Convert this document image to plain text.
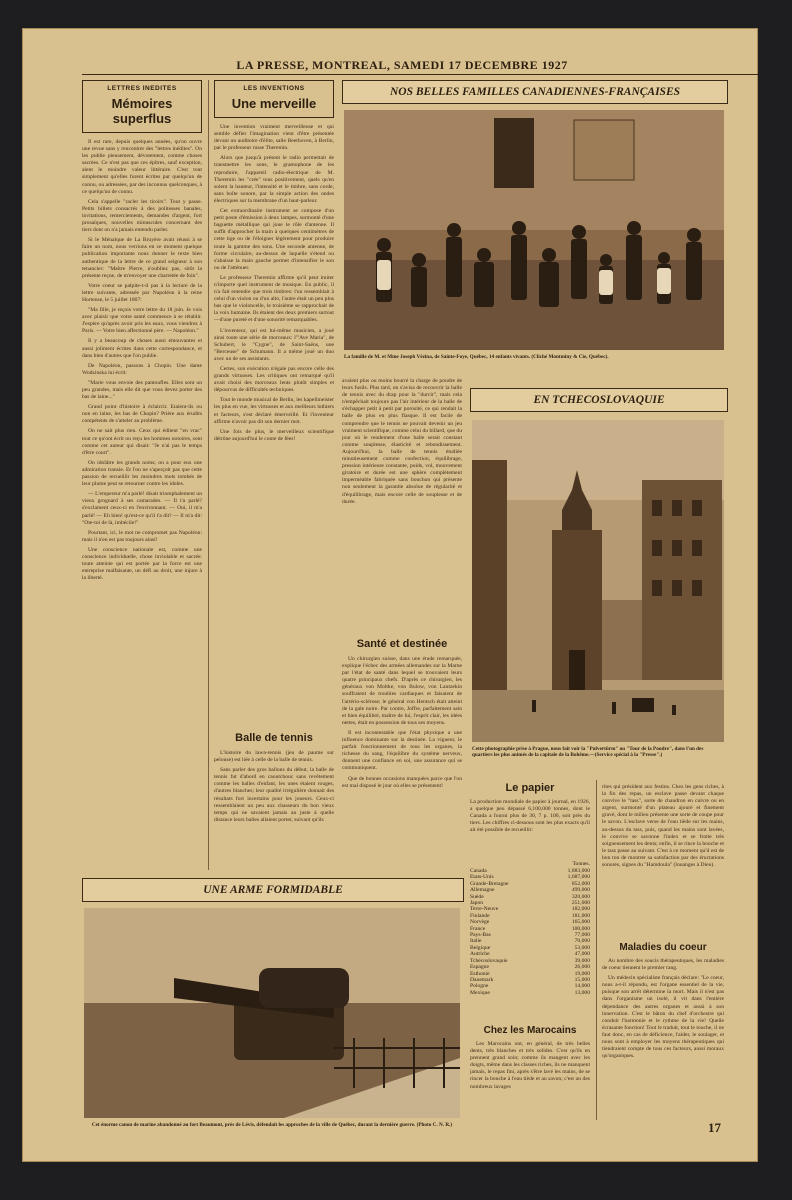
LA PRESSE, MONTREAL, SAMEDI 17 DECEMBRE 1927
LETTRES INEDITES
Mémoires superflus

Il est rare, depuis quelques années, qu'on ouvre une revue sans y rencontrer des "lettres inédites". On les publie pieusement, dévotement, comme choses sacrées. Ce n'est pas que ces épîtres, sauf exception, aient le moindre valeur littéraire. C'est tout simplement qu'elles furent écrites par quelqu'un de connu, ou adressées, par des inconnus quelconques, à ce quelqu'un de connu.

Cela s'appelle "racler les tiroirs". Tout y passe. Petits billets consacrés à des politesses banales, invitations, remerciements, demandes d'argent, fort prosaïques, nouvelles minuscules concernant des tiers dont on n'a jamais entendu parler.

Si le Ménalque de La Bruyère avait réussi à se faire un nom, nous verrions en ce moment quelque publication importante nous donner le texte bien authentique de la lettre de ce grand seigneur à son tenancier: "Maître Pierre, n'oubliez pas, sitôt la présente reçue, de m'envoyer une charretée de foin".

Votre coeur se palpite-t-il pas à la lecture de la lettre suivante, adressée par Napoléon à la reine Hortense, le 5 juillet 1807:

"Ma fille, je reçois votre lettre du 18 juin. Je vois avec plaisir que votre santé commence à se rétablir. J'espère qu'après avoir pris les eaux, vous viendrez à Paris. — Votre bien affectionné père. — Napoléon."

Il y a beaucoup de choses aussi émouvantes et aussi joliment écrites dans cette correspondance, et dans bien d'autres que l'on publie.

De Napoléon, passons à Chopin. Une dame Wodzinska lui écrit:

"Marie vous envoie des pantoufles. Elles sont un peu grandes, mais elle dit que vous devez porter des bas de laine..."

Grand point d'histoire à éclaircir. Etaient-ils ou non en laine, les bas de Chopin? Prière aux érudits compétents de s'atteler au problème.

On ne sait plus rien. Ceux qui éditent "en vrac" tout ce qu'ont écrit ou reçu les hommes notoires, sont comme cet auteur qui disait: "Je n'ai pas le temps d'être court".

On idolâtre les grands noms; on a pour eux une admiration transie. Et l'on ne s'aperçoit pas que cette passion de recueillir les moindres mots tombés de leur plume peut se retourner contre les idoles.

— L'empereur m'a parlé! disait triomphalement un vieux grognard à ses camarades. — Il t'a parlé? s'exclament ceux-ci en l'environnant. — Oui, il m'a parlé! — Eh bien! qu'est-ce qu'il t'a dit? — Il m'a dit: "Ote-toi de là, imbécile!"

Pourtant, ici, le mot ne compromet pas Napoléon: mais il n'en est pas toujours ainsi!

Une conscience nationale est, comme une conscience individuelle, chose inviolable et sacrée: toute atteinte qui est portée par la force est une entreprise malfaisante, un défi au droit, une injure à la liberté.

LES INVENTIONS
Une merveille

Une invention vraiment merveilleuse et qui semble défier l'imagination vient d'être présentée devant un auditoire d'élite, salle Beethoven, à Berlin, par le professeur russe Theremin.

Alors que jusqu'à présent le radio permettait de transmettre les sons, le gramophone de les reproduire, l'appareil radio-électrique de M. Theremin les "crée" tous positivement, quels qu'en soient la hauteur, l'intensité et le timbre, sans corde, sans boîte sonore, par la simple action des ondes électriques sur la membrane d'un haut-parleur.

Cet extraordinaire instrument se compose d'un petit poste d'émission à deux lampes, surmonté d'une baguette métallique qui joue le rôle d'antenne. Il suffit d'approcher la main à quelques centimètres de cette tige ou de l'éloigner légèrement pour produire toute la gamme des sons. Une seconde antenne, de forme circulaire, au-dessus de laquelle s'étend ou s'abaisse la main gauche permet d'intensifier le son ou de l'atténuer.

Le professeur Theremin affirme qu'il peut imiter n'importe quel instrument de musique. En public, il n'a fait entendre que trois timbres: l'un ressemblait à celui d'un violon ou d'un alto, l'autre était un peu plus bas que le violoncelle, le troisième se rapprochait de la voix humaine. Ils étaient des deux premiers surtout—d'une pureté et d'une sonorité remarquables.

L'inventeur, qui est lui-même musicien, a joué ainsi toute une série de morceaux: l'"Ave Maria", de Schubert, le "Cygne", de Saint-Saëns, une "Berceuse" de Schumann. Il a même joué un duo avec un de ses assistants.

Certes, son exécution n'égale pas encore celle des grands virtuoses. Les critiques ont remarqué qu'il avait choisi des morceaux lents plutôt simples et dépourvus de difficultés techniques.

Tout le monde musical de Berlin, les kapellmeister les plus en vue, les virtuoses et aux meilleurs luthiers et facteurs, s'est déclaré émerveillé. Et l'inventeur affirme n'avoir pas dit son dernier mot.

Une fois de plus, le merveilleux scientifique détrône aujourd'hui le conte de fées!

Balle de tennis

L'histoire du lawn-tennis (jeu de paume sur pelouse) est liée à celle de la balle de tennis.

Sans parler des gros ballons du début, la balle de tennis fut d'abord en caoutchouc sans revêtement comme les balles d'enfant, les unes étaient rouges, d'autres blanches; leur qualité irrégulière donnait des résultats fort incertains pour les joueurs. Ceux-ci ressemblaient un peu aux chasseurs du bon vieux temps qui ne savaient jamais au juste à quelle distance leurs balles allaient porter, suivant qu'ils

NOS BELLES FAMILLES CANADIENNES-FRANÇAISES
La famille de M. et Mme Joseph Vézina, de Sainte-Foye, Québec, 14 enfants vivants. (Cliché Montminy & Cie, Québec).
avaient plus ou moins bourré la charge de poudre de leurs fusils. Plus tard, on s'avisa de recouvrir la balle de tennis avec du drap pour la "durcir", mais cela n'empêchait toujours pas l'air intérieur de la balle de s'échapper petit à petit par porosité, ce qui rendait la balle de plus en plus flasque. Il est facile de comprendre que le tennis ne pouvait devenir un jeu vraiment scientifique, comme celui du billard, que du jour où le rendement d'une balle serait constant comme souplesse, élasticité et rebondissement. Aujourd'hui, la balle de tennis étudiée minutieusement comme confection, équilibrage, pression intérieure constante, poids, vol, mouvement giratoire et durée est une sphère complètement imperméable fabriquée sans bouchon qui présente non seulement la garantie absolue de régularité et d'équilibrage, mais encore celle de souplesse et de durée.
Santé et destinée

Un chirurgien suisse, dans une étude remarquée, explique l'échec des armées allemandes sur la Marne par l'état de santé dans lequel se trouvaient leurs quatre principaux chefs. D'après ce chirurgien, les généraux von Moltke, von Bulow, von Lantzekin souffraient de troubles cardiaques et faisaient de l'artério-sclérose; le général von Hentsch était atteint de la gale noire. Par contre, Joffre, parfaitement sain et bien équilibré, maître de lui, l'esprit clair, les idées nettes, était en possession de tous ses moyens.

Il est incontestable que l'état physique a une influence dominante sur la destinée. La vigueur, le parfait fonctionnement de tous les organes, la richesse du sang, l'équilibre du système nerveux, donnent une confiance en soi, une assurance qui se communiquent.

Que de bonnes occasions manquées parce que l'on est mal disposé le jour où elles se présentent!

EN TCHECOSLOVAQUIE
Cette photographie prise à Prague, nous fait voir la "Pulvertürm" ou "Tour de la Poudre", dans l'un des quartiers les plus animés de la capitale de la Bohême.—(Service spécial à la "Presse".)
UNE ARME FORMIDABLE
Cet énorme canon de marine abandonné au fort Beaumont, près de Lévis, défendait les approches de la ville de Québec, durant la dernière guerre. (Photo C. N. R.)
Le papier
La production mondiale de papier à journal, en 1926, a quelque peu dépassé 6,100,000 tonnes, dont le Canada a fourni plus de 30, 7 p. 100, soit près du tiers. Les chiffres ci-dessous sont les plus exacts qu'il ait été possible de recueillir:
Tonnes.
Canada	1,883,000
Etats-Unis	1,687,000
Grande-Bretagne	852,000
Allemagne	499,000
Suède	320,000
Japon	251,000
Terre-Neuve	182,000
Finlande	181,000
Norvège	165,000
France	100,000
Pays-Bas	77,000
Italie	70,000
Belgique	53,000
Autriche	47,000
Tchécoslovaquie	39,000
Espagne	26,000
Esthonie	19,000
Danemark	15,000
Pologne	14,000
Mexique	13,000
Chez les Marocains

Les Marocains ont, en général, de très belles dents, très blanches et très solides. C'est qu'ils en prennent grand soin; comme ils mangent avec les doigts, même dans les classes riches, ils ne manquent jamais, le repas fini, après s'être lavé les mains, de se rincer la bouche à l'eau tiède et au savon; c'est un des nombreux lavages

rites qui président aux festins. Chez les gens riches, à la fin des repas, un esclave passe devant chaque convive le "tass", sorte de chaudron en cuivre ou en argent, surmonté d'un plateau ajouré et finement gravé, dont le milieu présente une sorte de coupe pour le savon. L'esclave verse de l'eau tiède sur les mains, au-dessus du tass, puis, quand les mains sont lavées, le convive se savonne l'index et se frotte très soigneusement les dents; enfin, il se rince la bouche et le tass passe au suivant. C'est à ce moment qu'il est de bon ton de montrer sa satisfaction par des éructations sonores, signes du "Hamdoula" (louanges à Dieu).
Maladies du coeur

Au nombre des soucis thérapeutiques, les maladies de coeur tiennent le premier rang.

Un médecin spécialiste français déclare: "Le coeur, nous a-t-il répondu, est l'organe essentiel de la vie, puisque son arrêt détermine la mort. Mais il n'est pas dans l'organisme un isolé, il vit dans l'entière dépendance des autres organes et aussi à son innervation. C'est le bâton du chef d'orchestre qui conduit l'harmonie et le rythme de la vie! Quelle écrasante fonction! Tout le traduit, tout le touche, il ne faut donc, en cas de déficience, l'aider, le soulager, et nous sont à employer les moyens thérapeutiques qui tiendraient compte de tous ces facteurs, aussi moraux qu'organiques.

17
